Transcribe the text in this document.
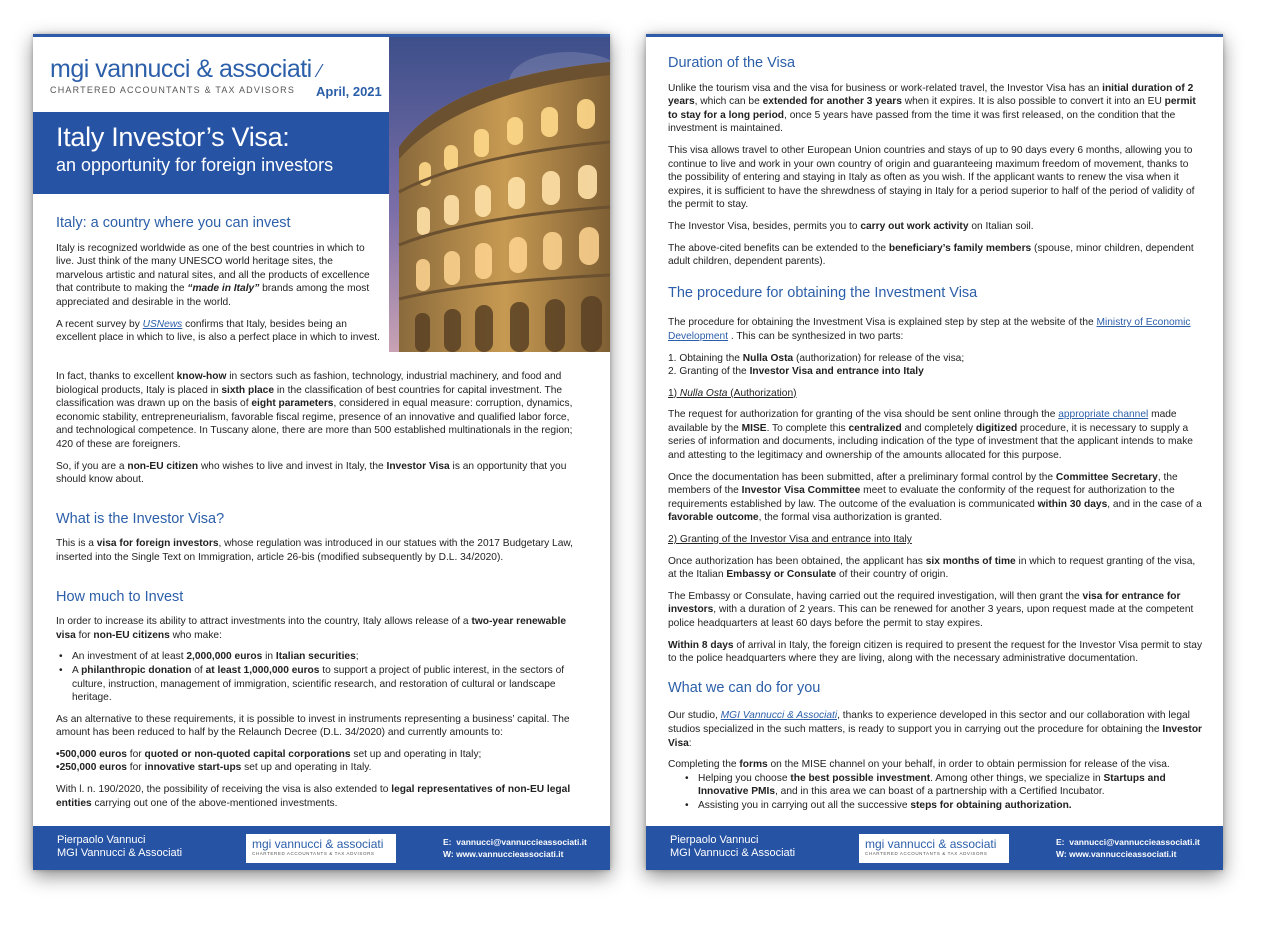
mgi vannucci & associati ⁄
CHARTERED ACCOUNTANTS & TAX ADVISORS	April, 2021
Italy Investor’s Visa:
an opportunity for foreign investors
Italy: a country where you can invest

Italy is recognized worldwide as one of the best countries in which to live. Just think of the many UNESCO world heritage sites, the marvelous artistic and natural sites, and all the products of excellence that contribute to making the “made in Italy” brands among the most appreciated and desirable in the world.

A recent survey by USNews confirms that Italy, besides being an excellent place in which to live, is also a perfect place in which to invest.

In fact, thanks to excellent know-how in sectors such as fashion, technology, industrial machinery, and food and biological products, Italy is placed in sixth place in the classification of best countries for capital investment. The classification was drawn up on the basis of eight parameters, considered in equal measure: corruption, dynamics, economic stability, entrepreneurialism, favorable fiscal regime, presence of an innovative and qualified labor force, and technological competence. In Tuscany alone, there are more than 500 established multinationals in the region; 420 of these are foreigners.

So, if you are a non-EU citizen who wishes to live and invest in Italy, the Investor Visa is an opportunity that you should know about.

What is the Investor Visa?

This is a visa for foreign investors, whose regulation was introduced in our statues with the 2017 Budgetary Law, inserted into the Single Text on Immigration, article 26-bis (modified subsequently by D.L. 34/2020).

How much to Invest

In order to increase its ability to attract investments into the country, Italy allows release of a two-year renewable visa for non-EU citizens who make:

• An investment of at least 2,000,000 euros in Italian securities;
• A philanthropic donation of at least 1,000,000 euros to support a project of public interest, in the sectors of culture, instruction, management of immigration, scientific research, and restoration of cultural or landscape heritage.

As an alternative to these requirements, it is possible to invest in instruments representing a business’ capital. The amount has been reduced to half by the Relaunch Decree (D.L. 34/2020) and currently amounts to:

•500,000 euros for quoted or non-quoted capital corporations set up and operating in Italy;
•250,000 euros for innovative start-ups set up and operating in Italy.

With l. n. 190/2020, the possibility of receiving the visa is also extended to legal representatives of non-EU legal entities carrying out one of the above-mentioned investments.

Pierpaolo Vannuci
MGI Vannucci & Associati
mgi vannucci & associati
CHARTERED ACCOUNTANTS & TAX ADVISORS
E: vannucci@vannuccieassociati.it
W: www.vannuccieassociati.it
Duration of the Visa

Unlike the tourism visa and the visa for business or work-related travel, the Investor Visa has an initial duration of 2 years, which can be extended for another 3 years when it expires. It is also possible to convert it into an EU permit to stay for a long period, once 5 years have passed from the time it was first released, on the condition that the investment is maintained.

This visa allows travel to other European Union countries and stays of up to 90 days every 6 months, allowing you to continue to live and work in your own country of origin and guaranteeing maximum freedom of movement, thanks to the possibility of entering and staying in Italy as often as you wish. If the applicant wants to renew the visa when it expires, it is sufficient to have the shrewdness of staying in Italy for a period superior to half of the period of validity of the permit to stay.

The Investor Visa, besides, permits you to carry out work activity on Italian soil.

The above-cited benefits can be extended to the beneficiary’s family members (spouse, minor children, dependent adult children, dependent parents).

The procedure for obtaining the Investment Visa

The procedure for obtaining the Investment Visa is explained step by step at the website of the Ministry of Economic Development . This can be synthesized in two parts:

1. Obtaining the Nulla Osta (authorization) for release of the visa;
2. Granting of the Investor Visa and entrance into Italy

1) Nulla Osta (Authorization)

The request for authorization for granting of the visa should be sent online through the appropriate channel made available by the MISE. To complete this centralized and completely digitized procedure, it is necessary to supply a series of information and documents, including indication of the type of investment that the applicant intends to make and attesting to the legitimacy and ownership of the amounts allocated for this purpose.

Once the documentation has been submitted, after a preliminary formal control by the Committee Secretary, the members of the Investor Visa Committee meet to evaluate the conformity of the request for authorization to the requirements established by law. The outcome of the evaluation is communicated within 30 days, and in the case of a favorable outcome, the formal visa authorization is granted.

2) Granting of the Investor Visa and entrance into Italy

Once authorization has been obtained, the applicant has six months of time in which to request granting of the visa, at the Italian Embassy or Consulate of their country of origin.

The Embassy or Consulate, having carried out the required investigation, will then grant the visa for entrance for investors, with a duration of 2 years. This can be renewed for another 3 years, upon request made at the competent police headquarters at least 60 days before the permit to stay expires.

Within 8 days of arrival in Italy, the foreign citizen is required to present the request for the Investor Visa permit to stay to the police headquarters where they are living, along with the necessary administrative documentation.

What we can do for you

Our studio, MGI Vannucci & Associati, thanks to experience developed in this sector and our collaboration with legal studios specialized in the such matters, is ready to support you in carrying out the procedure for obtaining the Investor Visa:

Completing the forms on the MISE channel on your behalf, in order to obtain permission for release of the visa.

• Helping you choose the best possible investment. Among other things, we specialize in Startups and Innovative PMIs, and in this area we can boast of a partnership with a Certified Incubator.
• Assisting you in carrying out all the successive steps for obtaining authorization.
Pierpaolo Vannuci
MGI Vannucci & Associati
mgi vannucci & associati
CHARTERED ACCOUNTANTS & TAX ADVISORS
E: vannucci@vannuccieassociati.it
W: www.vannuccieassociati.it
